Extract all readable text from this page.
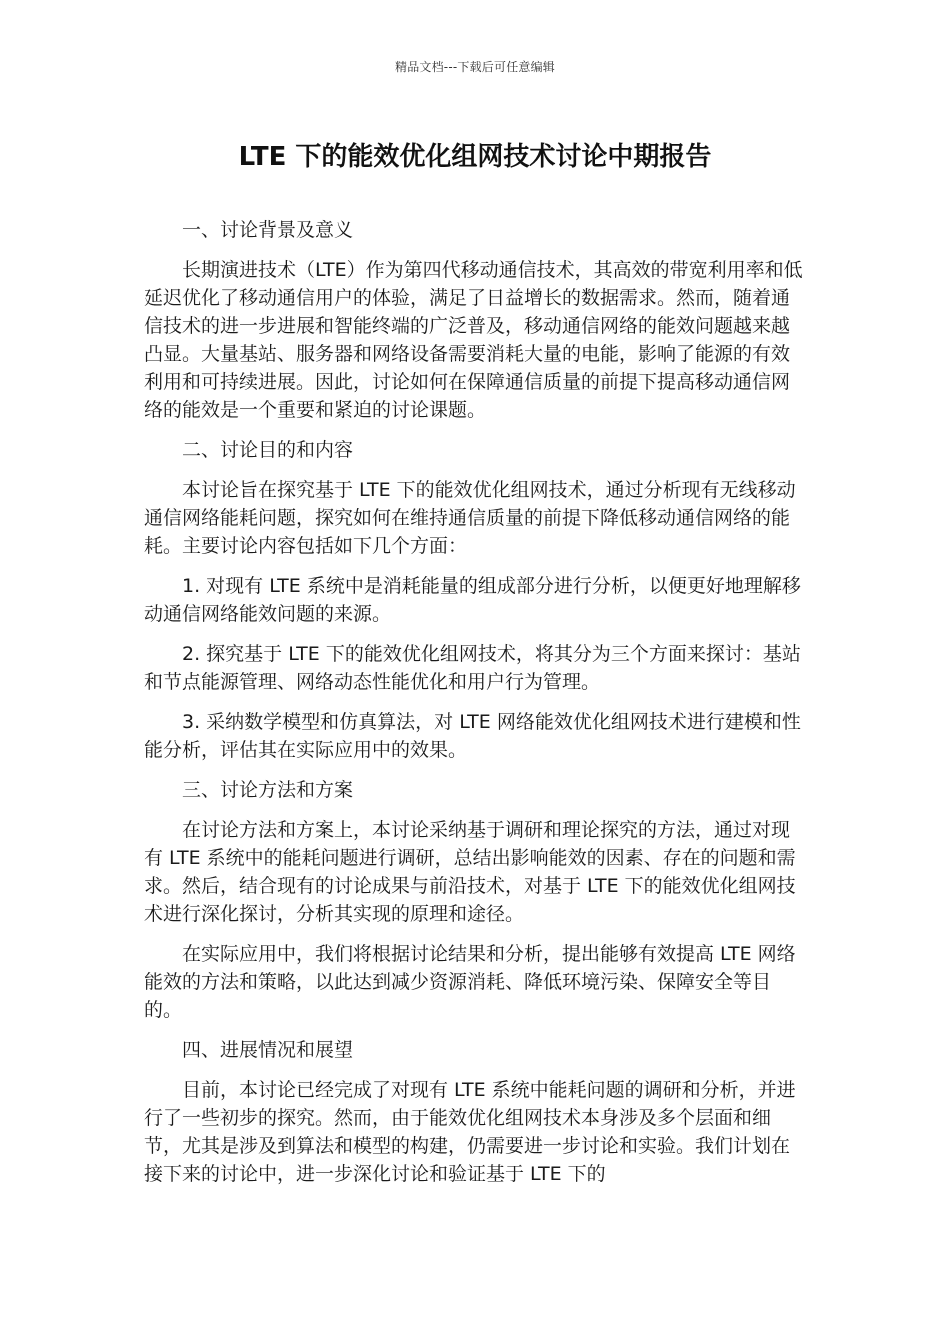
精品文档---下载后可任意编辑
LTE 下的能效优化组网技术讨论中期报告

一、讨论背景及意义

长期演进技术（LTE）作为第四代移动通信技术，其高效的带宽利用率和低延迟优化了移动通信用户的体验，满足了日益增长的数据需求。然而，随着通信技术的进一步进展和智能终端的广泛普及，移动通信网络的能效问题越来越凸显。大量基站、服务器和网络设备需要消耗大量的电能，影响了能源的有效利用和可持续进展。因此，讨论如何在保障通信质量的前提下提高移动通信网络的能效是一个重要和紧迫的讨论课题。

二、讨论目的和内容

本讨论旨在探究基于 LTE 下的能效优化组网技术，通过分析现有无线移动通信网络能耗问题，探究如何在维持通信质量的前提下降低移动通信网络的能耗。主要讨论内容包括如下几个方面：

1. 对现有 LTE 系统中是消耗能量的组成部分进行分析，以便更好地理解移动通信网络能效问题的来源。

2. 探究基于 LTE 下的能效优化组网技术，将其分为三个方面来探讨：基站和节点能源管理、网络动态性能优化和用户行为管理。

3. 采纳数学模型和仿真算法，对 LTE 网络能效优化组网技术进行建模和性能分析，评估其在实际应用中的效果。

三、讨论方法和方案

在讨论方法和方案上，本讨论采纳基于调研和理论探究的方法，通过对现有 LTE 系统中的能耗问题进行调研，总结出影响能效的因素、存在的问题和需求。然后，结合现有的讨论成果与前沿技术，对基于 LTE 下的能效优化组网技术进行深化探讨，分析其实现的原理和途径。

在实际应用中，我们将根据讨论结果和分析，提出能够有效提高 LTE 网络能效的方法和策略，以此达到减少资源消耗、降低环境污染、保障安全等目的。

四、进展情况和展望

目前，本讨论已经完成了对现有 LTE 系统中能耗问题的调研和分析，并进行了一些初步的探究。然而，由于能效优化组网技术本身涉及多个层面和细节，尤其是涉及到算法和模型的构建，仍需要进一步讨论和实验。我们计划在接下来的讨论中，进一步深化讨论和验证基于 LTE 下的
